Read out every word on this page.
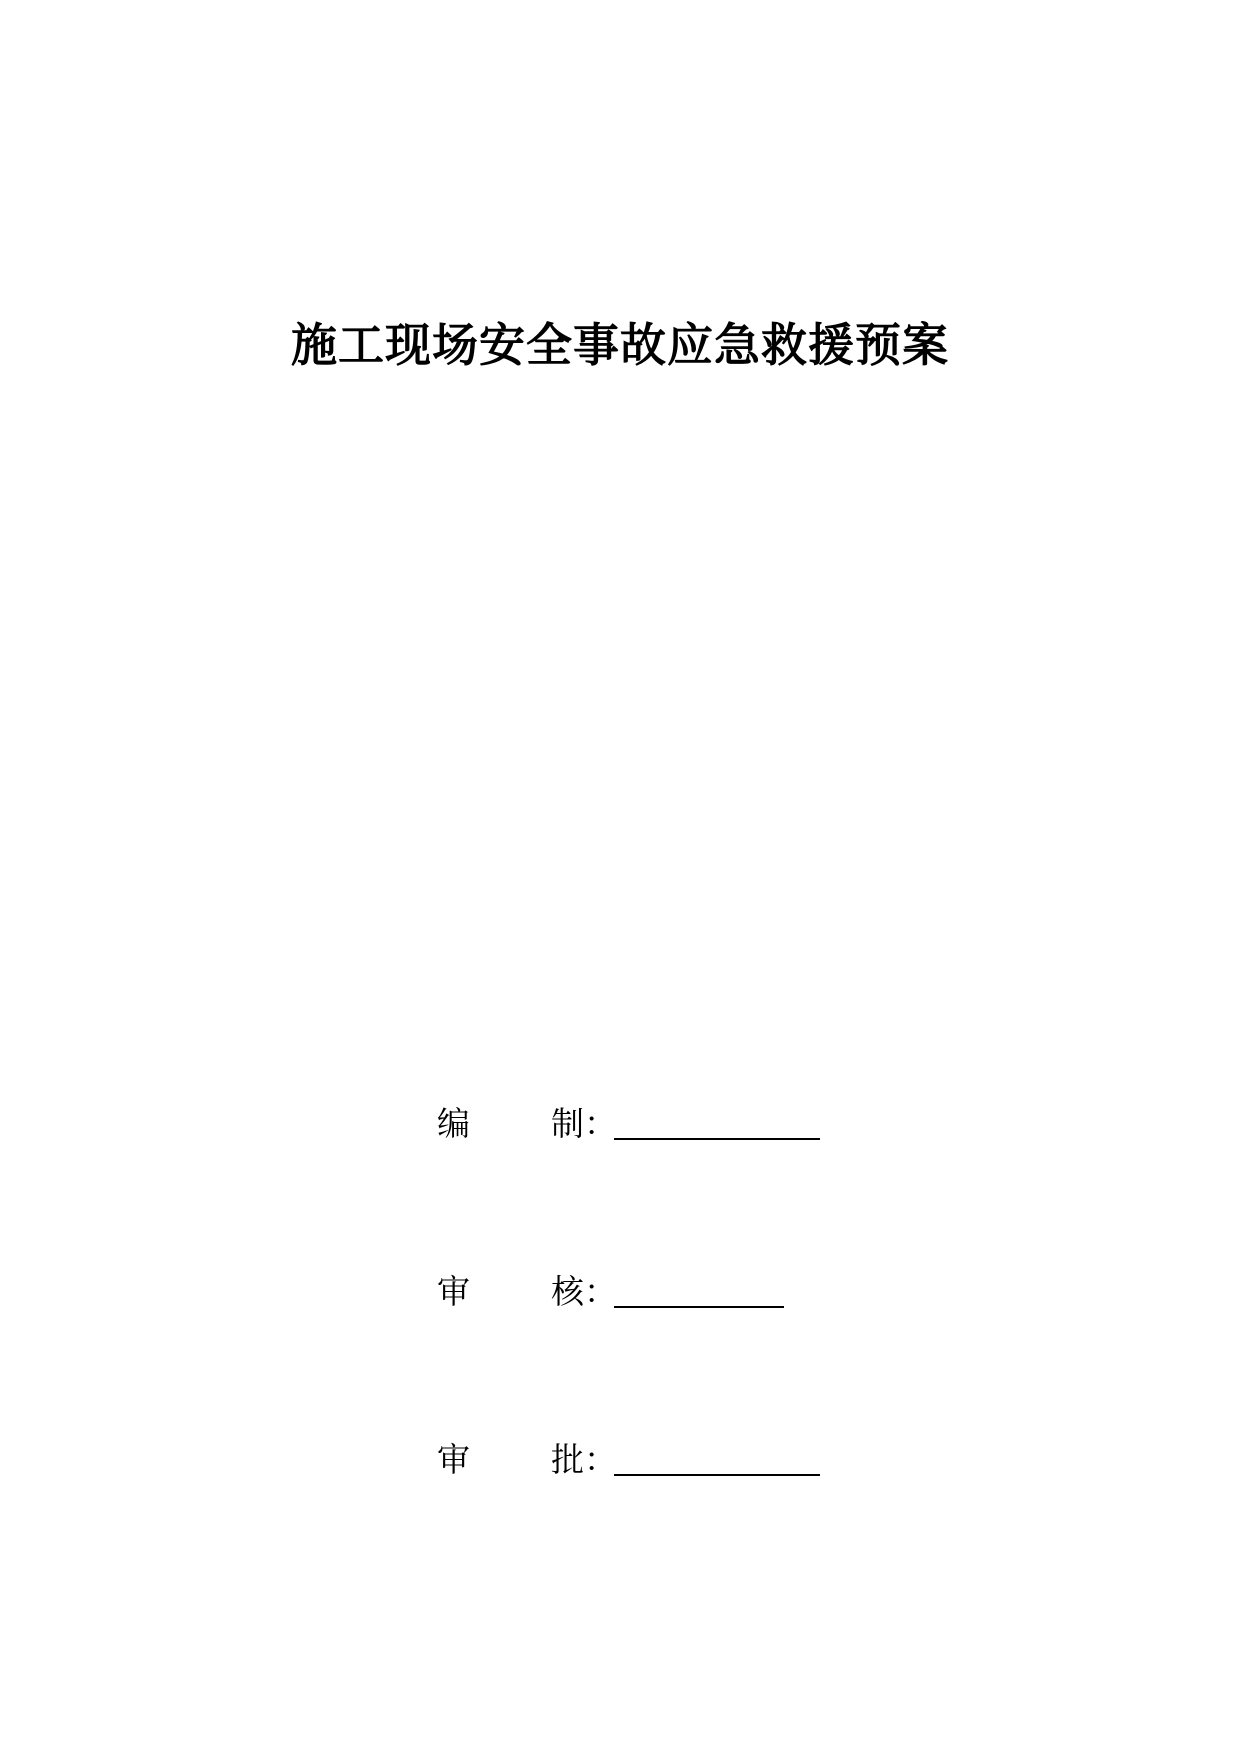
施工现场安全事故应急救援预案
编	制 ：
审	核 ：
审	批 ：
